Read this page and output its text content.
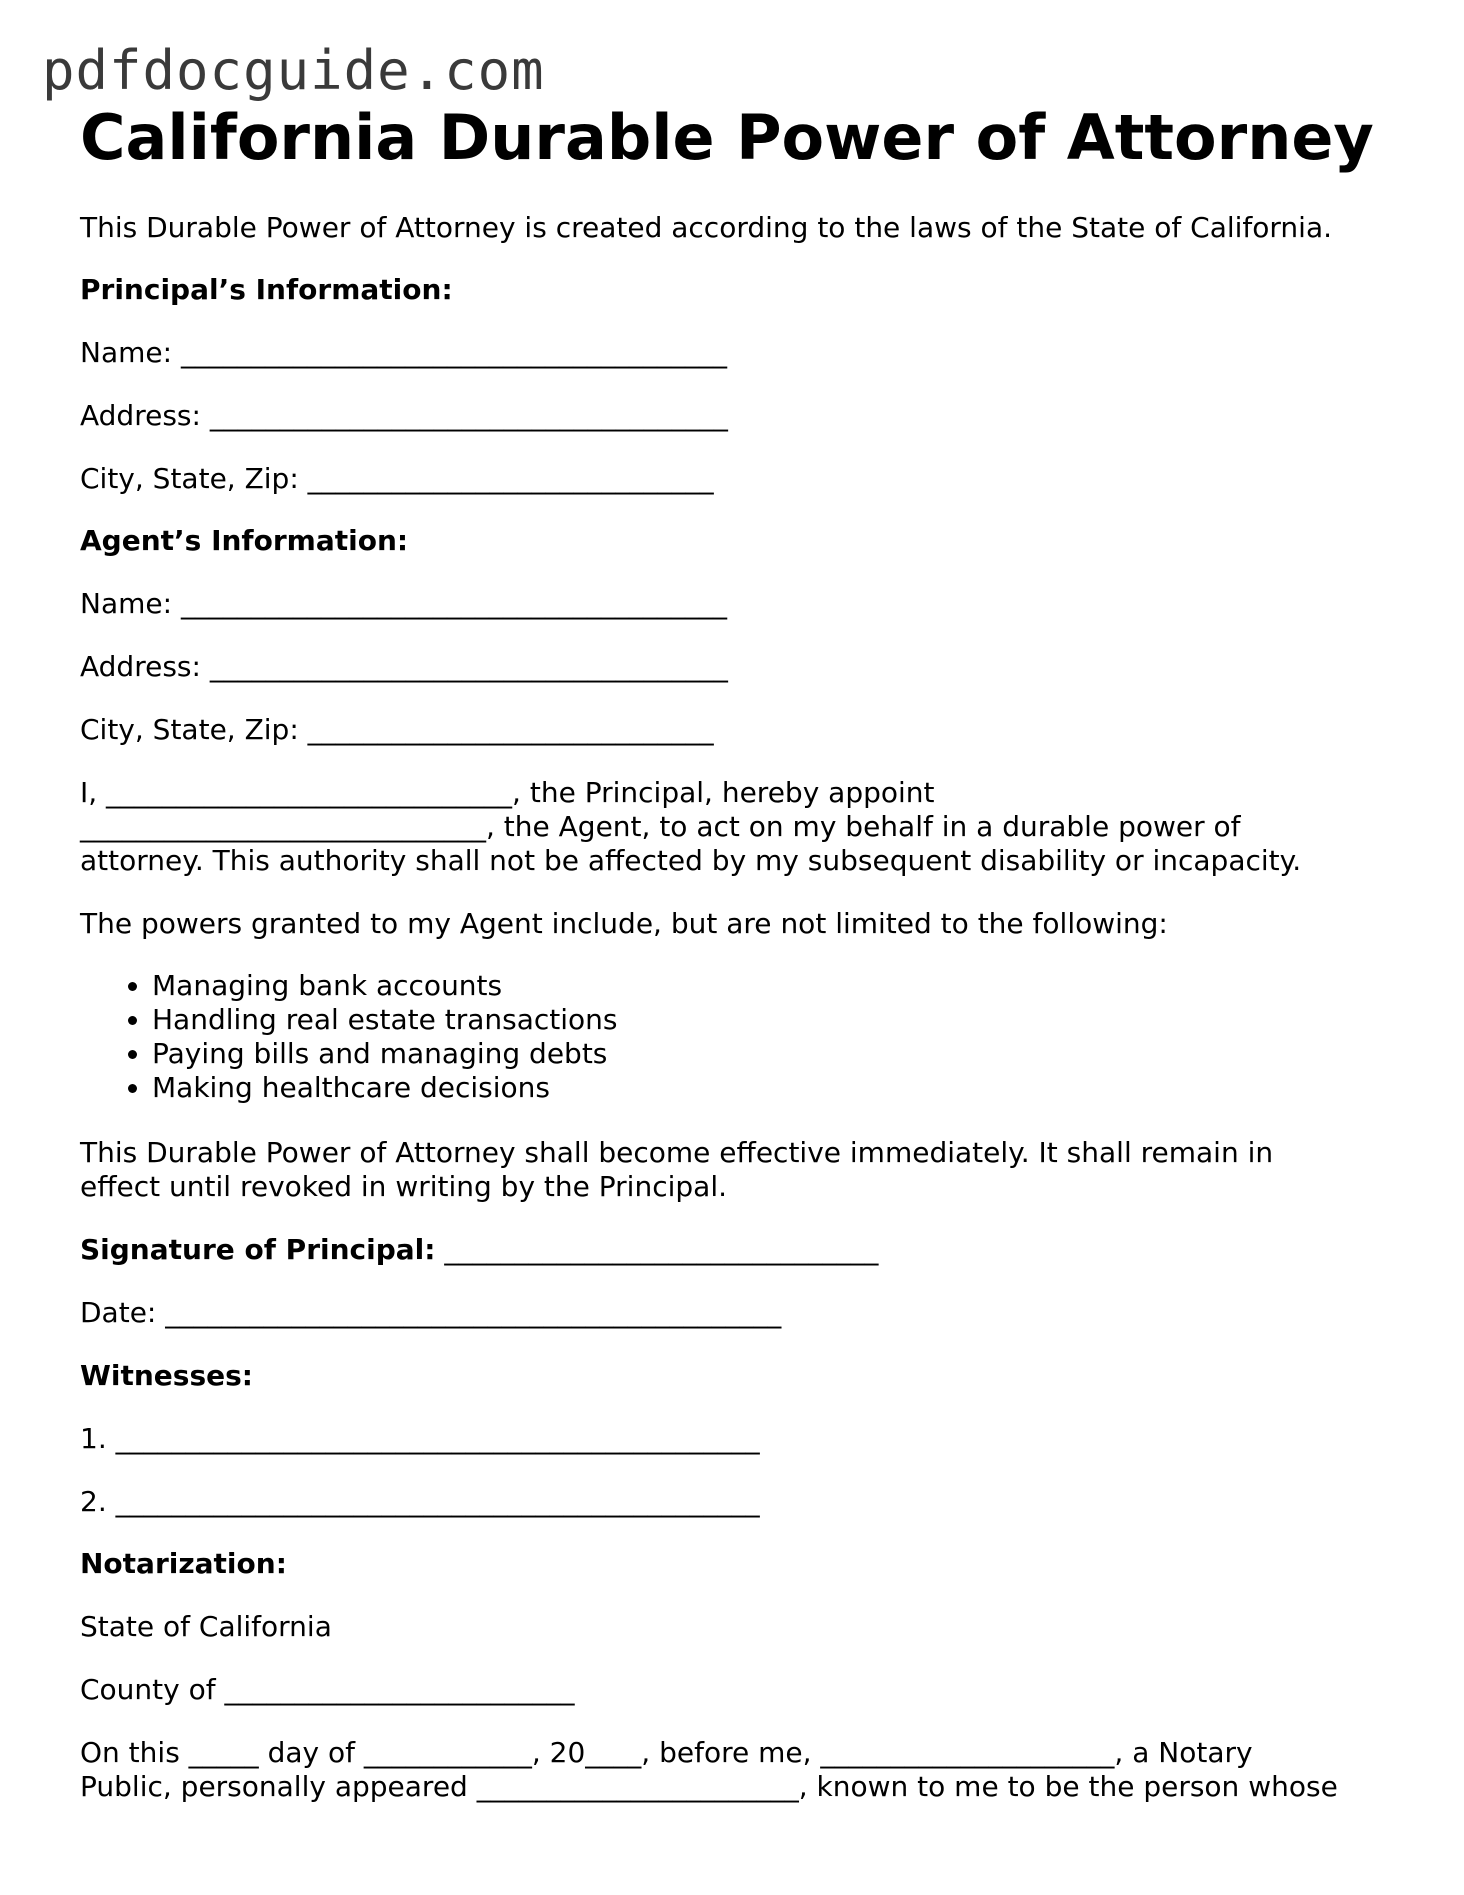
pdfdocguide.com
California Durable Power of Attorney

This Durable Power of Attorney is created according to the laws of the State of California.

Principal’s Information:

Name: _______________________________________

Address: _____________________________________

City, State, Zip: _____________________________

Agent’s Information:

Name: _______________________________________

Address: _____________________________________

City, State, Zip: _____________________________

I, _____________________________, the Principal, hereby appoint

_____________________________, the Agent, to act on my behalf in a durable power of

attorney. This authority shall not be affected by my subsequent disability or incapacity.

The powers granted to my Agent include, but are not limited to the following:

• Managing bank accounts
• Handling real estate transactions
• Paying bills and managing debts
• Making healthcare decisions

This Durable Power of Attorney shall become effective immediately. It shall remain in

effect until revoked in writing by the Principal.

Signature of Principal: _______________________________

Date: ____________________________________________

Witnesses:

1. ______________________________________________

2. ______________________________________________

Notarization:

State of California

County of _________________________

On this _____ day of ____________, 20____, before me, _____________________, a Notary

Public, personally appeared _______________________, known to me to be the person whose
